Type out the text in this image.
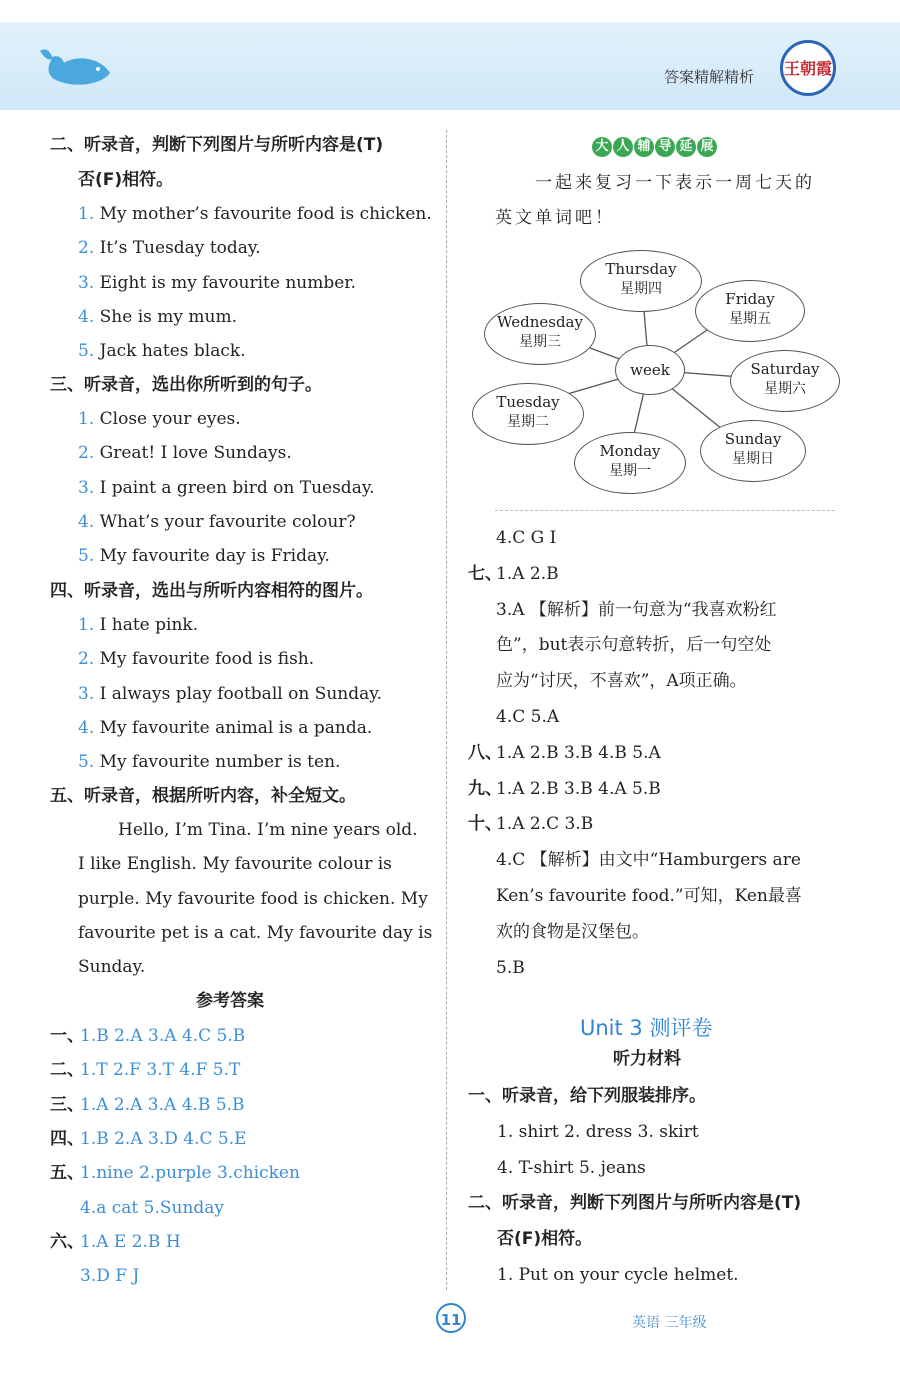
答案精解精析 王朝霞
二、听录音，判断下列图片与所听内容是(T)
否(F)相符。
1. My mother’s favourite food is chicken.
2. It’s Tuesday today.
3. Eight is my favourite number.
4. She is my mum.
5. Jack hates black.
三、听录音，选出你所听到的句子。
1. Close your eyes.
2. Great! I love Sundays.
3. I paint a green bird on Tuesday.
4. What’s your favourite colour?
5. My favourite day is Friday.
四、听录音，选出与所听内容相符的图片。
1. I hate pink.
2. My favourite food is fish.
3. I always play football on Sunday.
4. My favourite animal is a panda.
5. My favourite number is ten.
五、听录音，根据所听内容，补全短文。
Hello, I’m Tina. I’m nine years old.
I like English. My favourite colour is
purple. My favourite food is chicken. My
favourite pet is a cat. My favourite day is
Sunday.
参考答案
一、1.B 2.A 3.A 4.C 5.B
二、1.T 2.F 3.T 4.F 5.T
三、1.A 2.A 3.A 4.B 5.B
四、1.B 2.A 3.D 4.C 5.E
五、1.nine 2.purple 3.chicken
4.a cat 5.Sunday
六、1.A E 2.B H
3.D F J
4.C G I
七、1.A 2.B
3.A 【解析】前一句意为“我喜欢粉红
色”，but表示句意转折，后一句空处
应为“讨厌，不喜欢”，A项正确。
4.C 5.A
八、1.A 2.B 3.B 4.B 5.A
九、1.A 2.B 3.B 4.A 5.B
十、1.A 2.C 3.B
4.C 【解析】由文中“Hamburgers are
Ken’s favourite food.”可知，Ken最喜
欢的食物是汉堡包。
5.B
大 人 辅 导 延 展
一起来复习一下表示一周七天的
英文单词吧！
week
Thursday
星期四
Friday
星期五
Wednesday
星期三
Saturday
星期六
Tuesday
星期二
Sunday
星期日
Monday
星期一
Unit 3 测评卷
听力材料
一、听录音，给下列服装排序。
1. shirt 2. dress 3. skirt
4. T-shirt 5. jeans
二、听录音，判断下列图片与所听内容是(T)
否(F)相符。
1. Put on your cycle helmet.
11	英语 三年级
